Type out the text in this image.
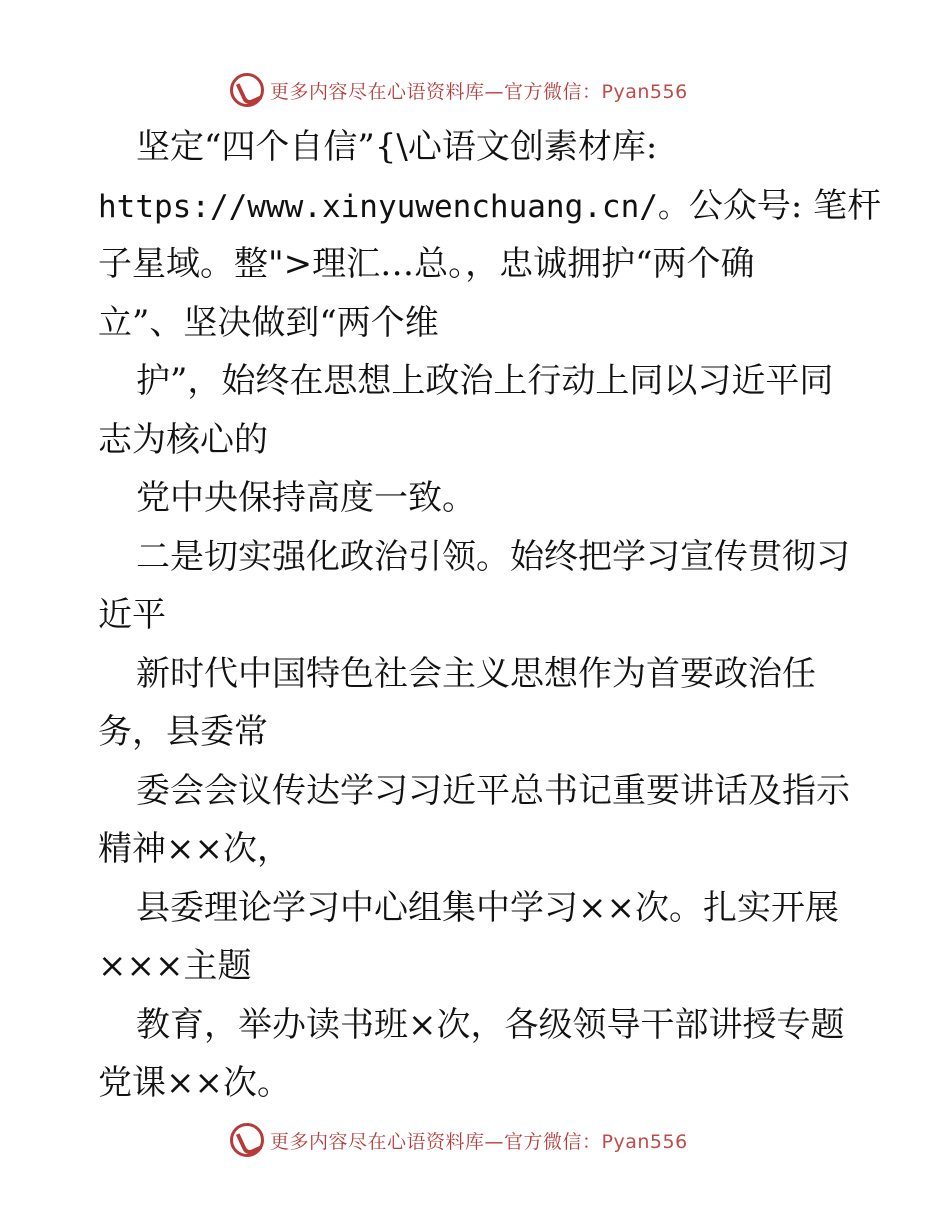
更多内容尽在心语资料库—官方微信：Pyan556
坚定“四个自信”{\心语文创素材库:
https://www.xinyuwenchuang.cn/。公众号: 笔杆
子星域。整">理汇…总。，忠诚拥护“两个确
立”、坚决做到“两个维
护”，始终在思想上政治上行动上同以习近平同
志为核心的
党中央保持高度一致。
二是切实强化政治引领。始终把学习宣传贯彻习
近平
新时代中国特色社会主义思想作为首要政治任
务，县委常
委会会议传达学习习近平总书记重要讲话及指示
精神××次，
县委理论学习中心组集中学习××次。扎实开展
×××主题
教育，举办读书班×次，各级领导干部讲授专题
党课××次。
更多内容尽在心语资料库—官方微信：Pyan556
